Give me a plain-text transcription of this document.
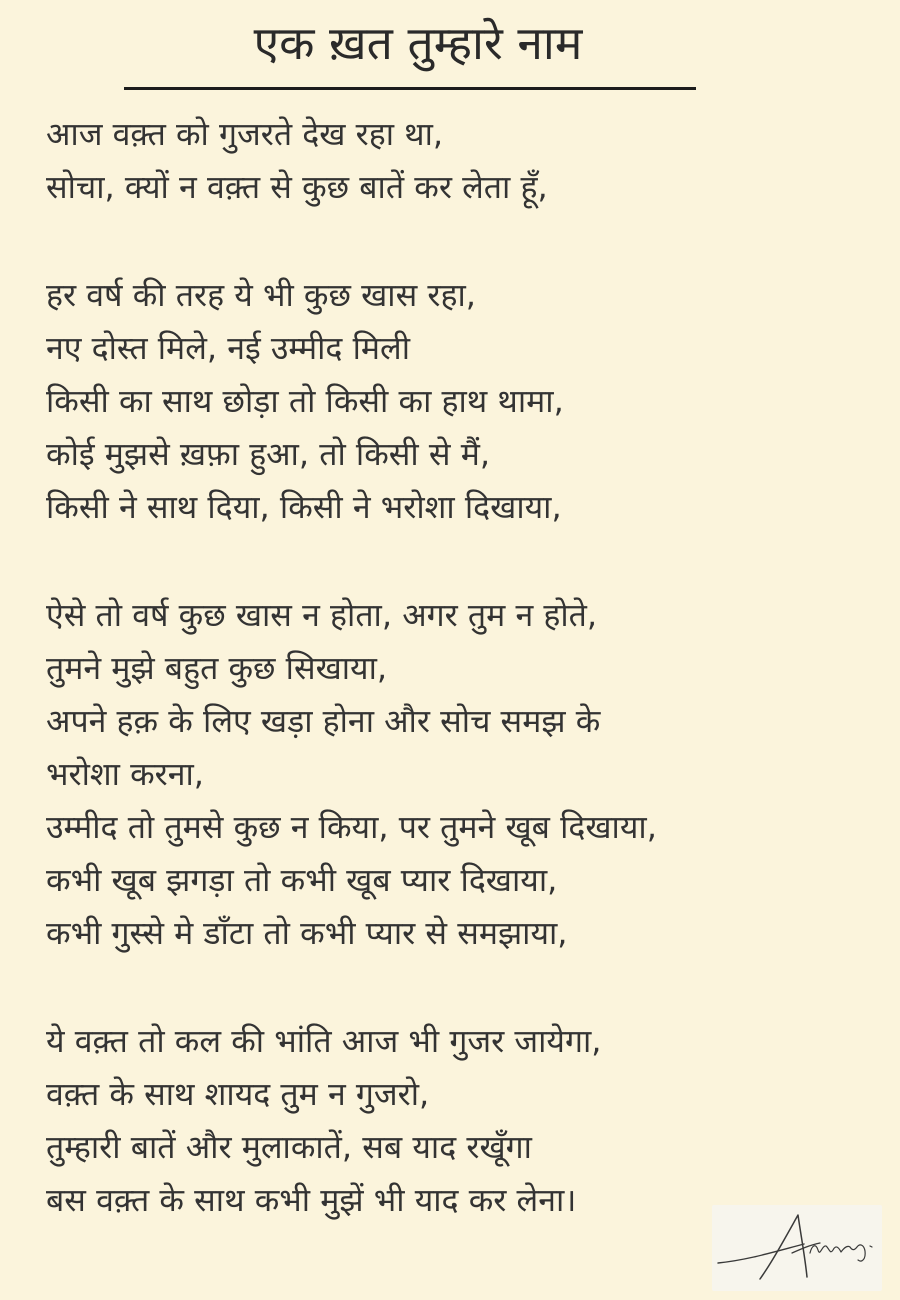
एक ख़त तुम्हारे नाम
आज वक़्त को गुजरते देख रहा था,
सोचा, क्यों न वक़्त से कुछ बातें कर लेता हूँ,
हर वर्ष की तरह ये भी कुछ खास रहा,
नए दोस्त मिले, नई उम्मीद मिली
किसी का साथ छोड़ा तो किसी का हाथ थामा,
कोई मुझसे ख़फ़ा हुआ, तो किसी से मैं,
किसी ने साथ दिया, किसी ने भरोशा दिखाया,
ऐसे तो वर्ष कुछ खास न होता, अगर तुम न होते,
तुमने मुझे बहुत कुछ सिखाया,
अपने हक़ के लिए खड़ा होना और सोच समझ के
भरोशा करना,
उम्मीद तो तुमसे कुछ न किया, पर तुमने खूब दिखाया,
कभी खूब झगड़ा तो कभी खूब प्यार दिखाया,
कभी गुस्से मे डाँटा तो कभी प्यार से समझाया,
ये वक़्त तो कल की भांति आज भी गुजर जायेगा,
वक़्त के साथ शायद तुम न गुजरो,
तुम्हारी बातें और मुलाकातें, सब याद रखूँगा
बस वक़्त के साथ कभी मुझें भी याद कर लेना।
